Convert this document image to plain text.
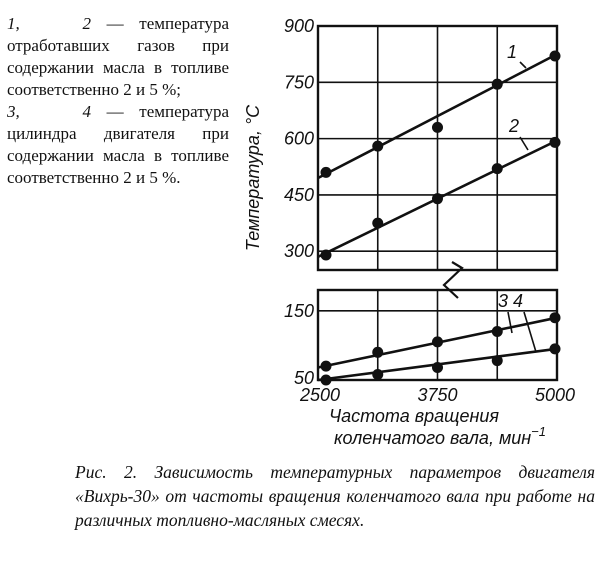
1,	2 — температура отработавших газов при содержании масла в топливе соответственно 2 и 5 %;

3,	4 — температура цилиндра двигателя при содержании масла в топливе соответственно 2 и 5 %.

900
750
600
450
300
150
50
2500	3750	5000
1
2
3 4
Температура, °C
Частота вращения
коленчатого вала, мин$^{-1}$

Рис. 2. Зависимость температурных параметров двигателя «Вихрь-30» от частоты вращения коленчатого вала при работе на различных топливно-масляных смесях.
